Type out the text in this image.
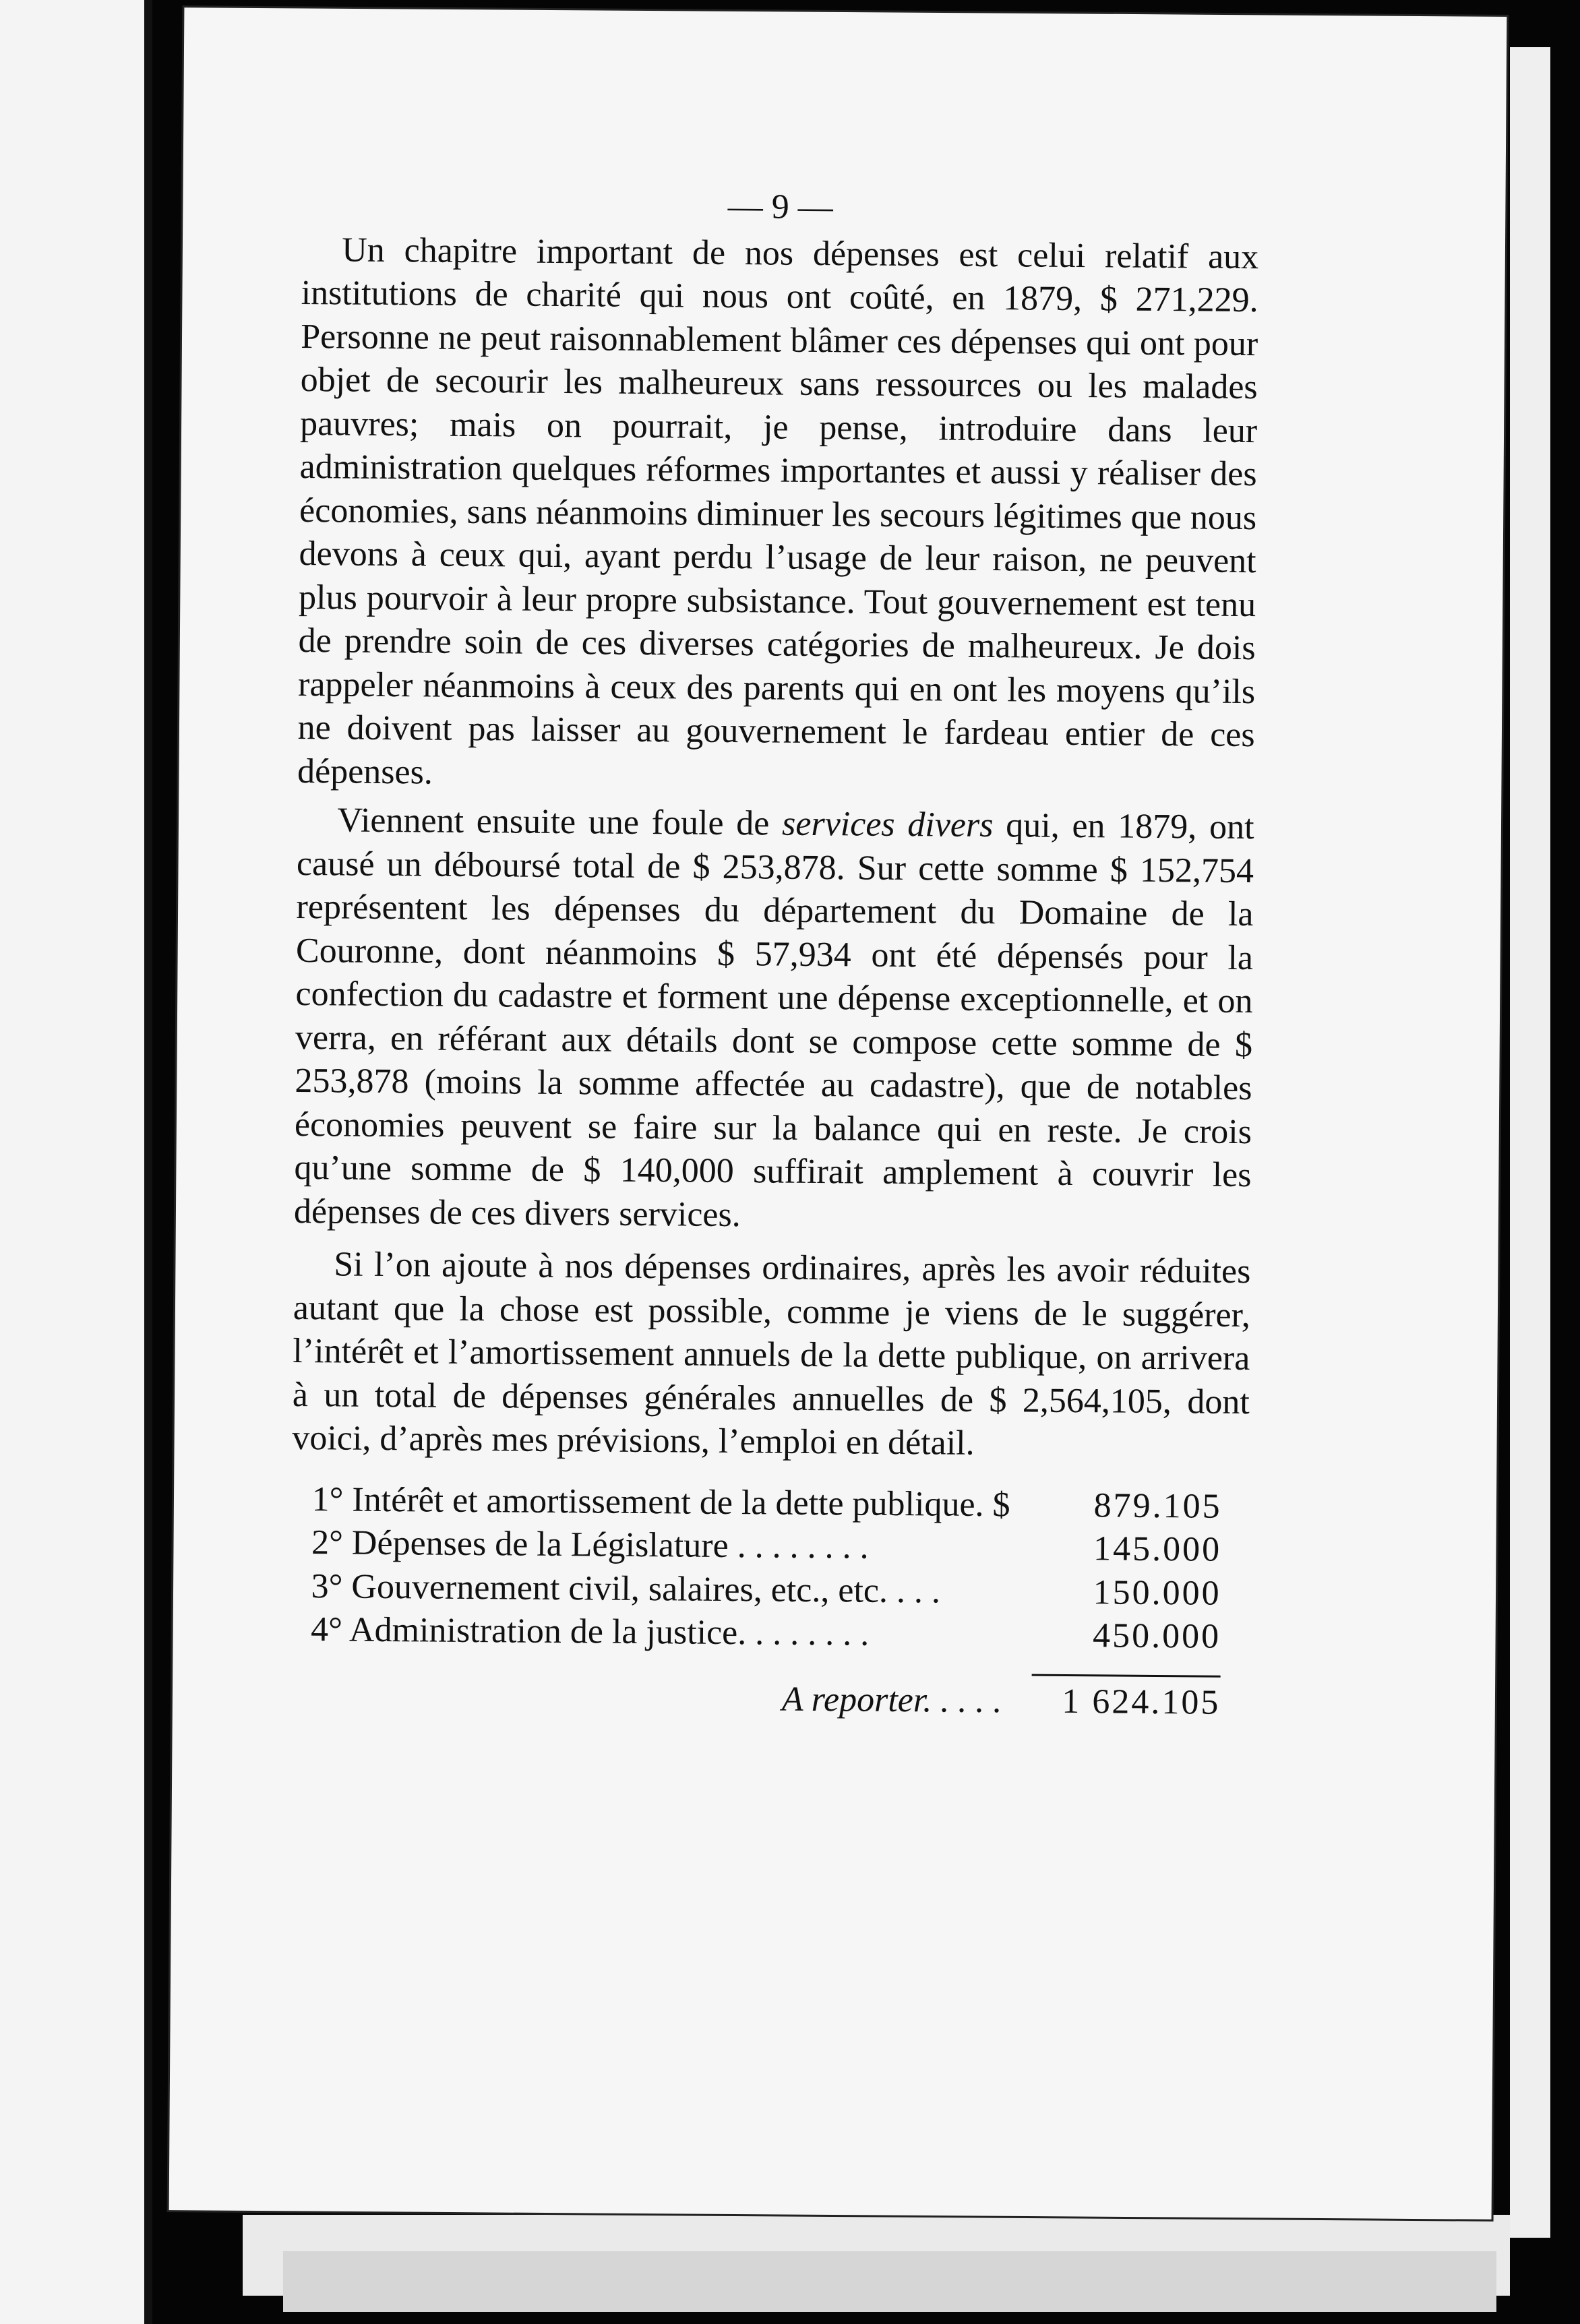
— 9 —

Un chapitre important de nos dépenses est celui relatif aux institutions de charité qui nous ont coûté, en 1879, $ 271,229. Personne ne peut raisonnablement blâmer ces dépenses qui ont pour objet de secourir les malheureux sans ressources ou les malades pauvres; mais on pourrait, je pense, introduire dans leur administration quelques réformes importantes et aussi y réaliser des économies, sans néanmoins diminuer les secours légitimes que nous devons à ceux qui, ayant perdu l’usage de leur raison, ne peuvent plus pourvoir à leur propre subsistance. Tout gouvernement est tenu de prendre soin de ces diverses catégories de malheureux. Je dois rappeler néanmoins à ceux des parents qui en ont les moyens qu’ils ne doivent pas laisser au gouvernement le fardeau entier de ces dépenses.

Viennent ensuite une foule de services divers qui, en 1879, ont causé un déboursé total de $ 253,878. Sur cette somme $ 152,754 représentent les dépenses du département du Domaine de la Couronne, dont néanmoins $ 57,934 ont été dépensés pour la confection du cadastre et forment une dépense exceptionnelle, et on verra, en référant aux détails dont se compose cette somme de $ 253,878 (moins la somme affectée au cadastre), que de notables économies peuvent se faire sur la balance qui en reste. Je crois qu’une somme de $ 140,000 suffirait amplement à couvrir les dépenses de ces divers services.

Si l’on ajoute à nos dépenses ordinaires, après les avoir réduites autant que la chose est possible, comme je viens de le suggérer, l’intérêt et l’amortissement annuels de la dette publique, on arrivera à un total de dépenses générales annuelles de $ 2,564,105, dont voici, d’après mes prévisions, l’emploi en détail.

1° Intérêt et amortissement de la dette publique. $ 879.105
2° Dépenses de la Législature . . . . . . . .	145.000
3° Gouvernement civil, salaires, etc., etc. . . .	150.000
4° Administration de la justice. . . . . . . .	450.000
A reporter. . . . .	1 624.105
